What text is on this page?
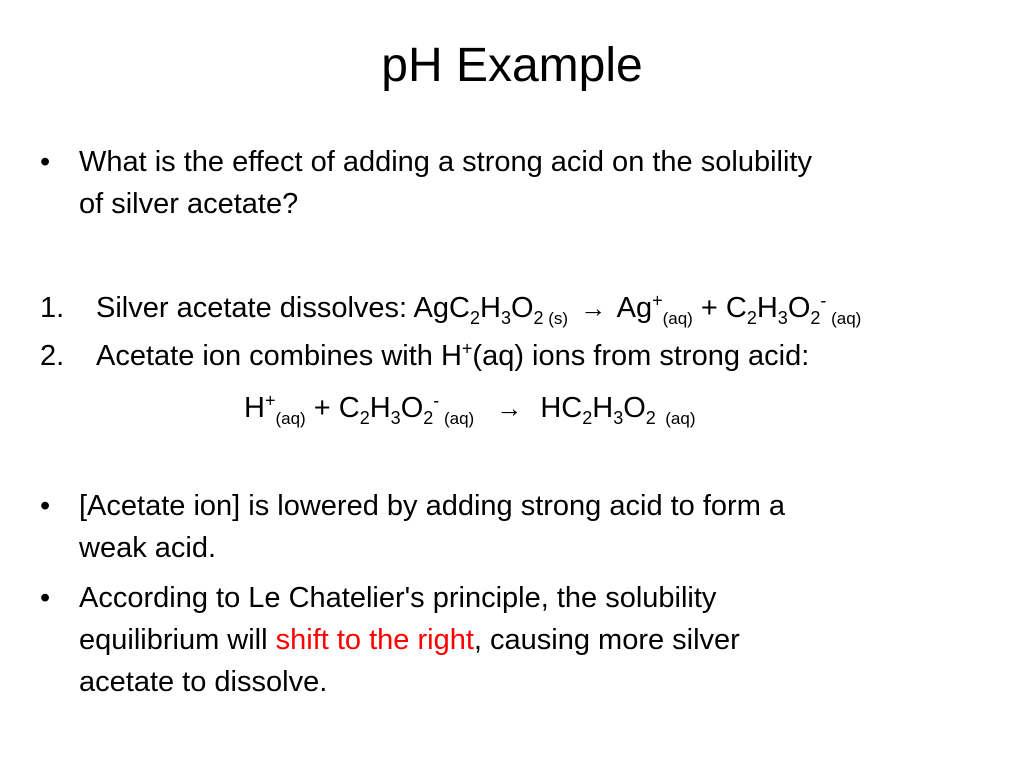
pH Example
• What is the effect of adding a strong acid on the solubility
of silver acetate?
1. Silver acetate dissolves: $AgC_2H_3O_2$ $_{(s)} \to Ag^+_{(aq)} + C_2H_3O_2^-$ $_{(aq)}$
2. Acetate ion combines with H+(aq) ions from strong acid:
$H^+_{(aq)} + C_2H_3O_2^-$ $_{(aq)} \to HC_2H_3O_2$  $_{(aq)}$
• [Acetate ion] is lowered by adding strong acid to form a
weak acid.
• According to Le Chatelier's principle, the solubility
equilibrium will shift to the right, causing more silver
acetate to dissolve.
